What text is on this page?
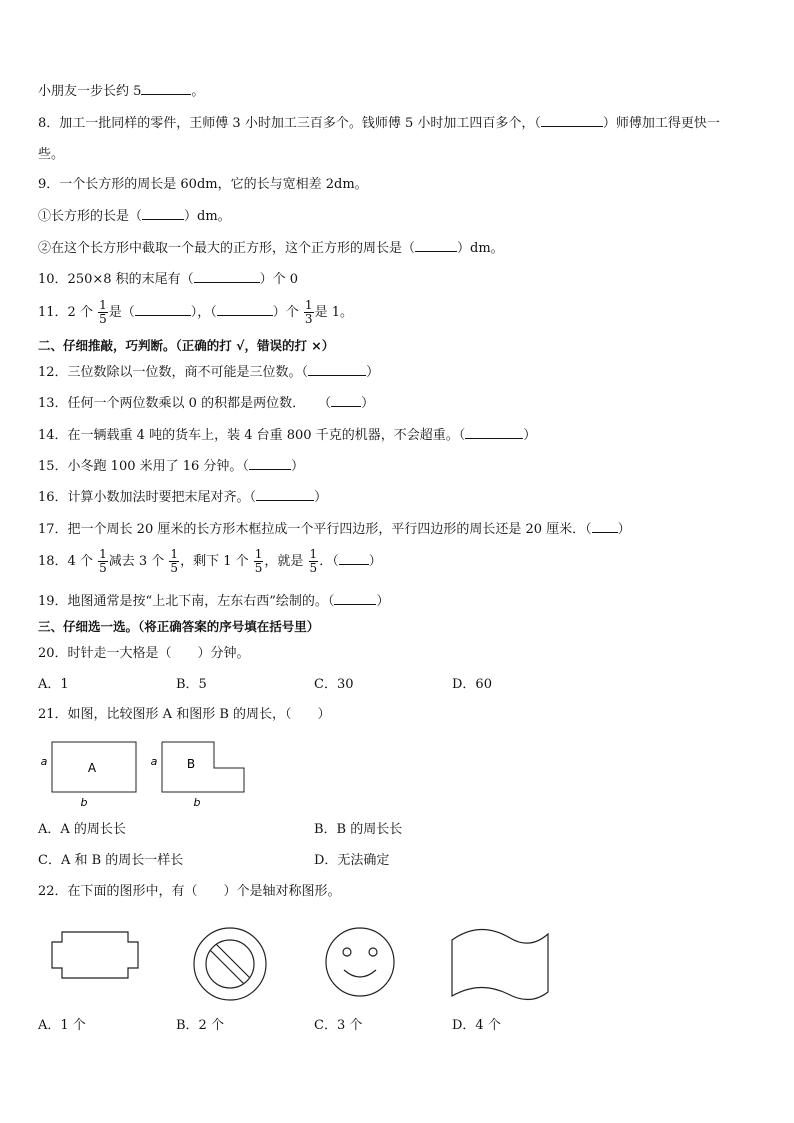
小朋友一步长约 5	。
8．加工一批同样的零件，王师傅 3 小时加工三百多个。钱师傅 5 小时加工四百多个，（	）师傅加工得更快一
些。
9．一个长方形的周长是 60dm，它的长与宽相差 2dm。
①长方形的长是（	）dm。
②在这个长方形中截取一个最大的正方形，这个正方形的周长是（	）dm。
10．250×8 积的末尾有（	）个 0
11．2 个 $\frac{1}{5}$ 是（	），（	）个 $\frac{1}{3}$ 是 1。
二、仔细推敲，巧判断。（正确的打 √，错误的打 ×）
12．三位数除以一位数，商不可能是三位数。（	）
13．任何一个两位数乘以 0 的积都是两位数．　　（ ）
14．在一辆载重 4 吨的货车上，装 4 台重 800 千克的机器，不会超重。（	）
15．小冬跑 100 米用了 16 分钟。（	）
16．计算小数加法时要把末尾对齐。（	）
17．把一个周长 20 厘米的长方形木框拉成一个平行四边形，平行四边形的周长还是 20 厘米．（ ）
18．4 个 $\frac{1}{5}$ 减去 3 个 $\frac{1}{5}$ ，剩下 1 个 $\frac{1}{5}$ ，就是 $\frac{1}{5}$ ．（ ）
19．地图通常是按“上北下南，左东右西”绘制的。（	）
三、仔细选一选。（将正确答案的序号填在括号里）
20．时针走一大格是（　　）分钟。
A．1	B．5	C．30	D．60
21．如图，比较图形 A 和图形 B 的周长，（　　）
A
a
b
B
a
b
A．A 的周长长	B．B 的周长长
C．A 和 B 的周长一样长	D．无法确定
22．在下面的图形中，有（　　）个是轴对称图形。
A．1 个	B．2 个	C．3 个	D．4 个
